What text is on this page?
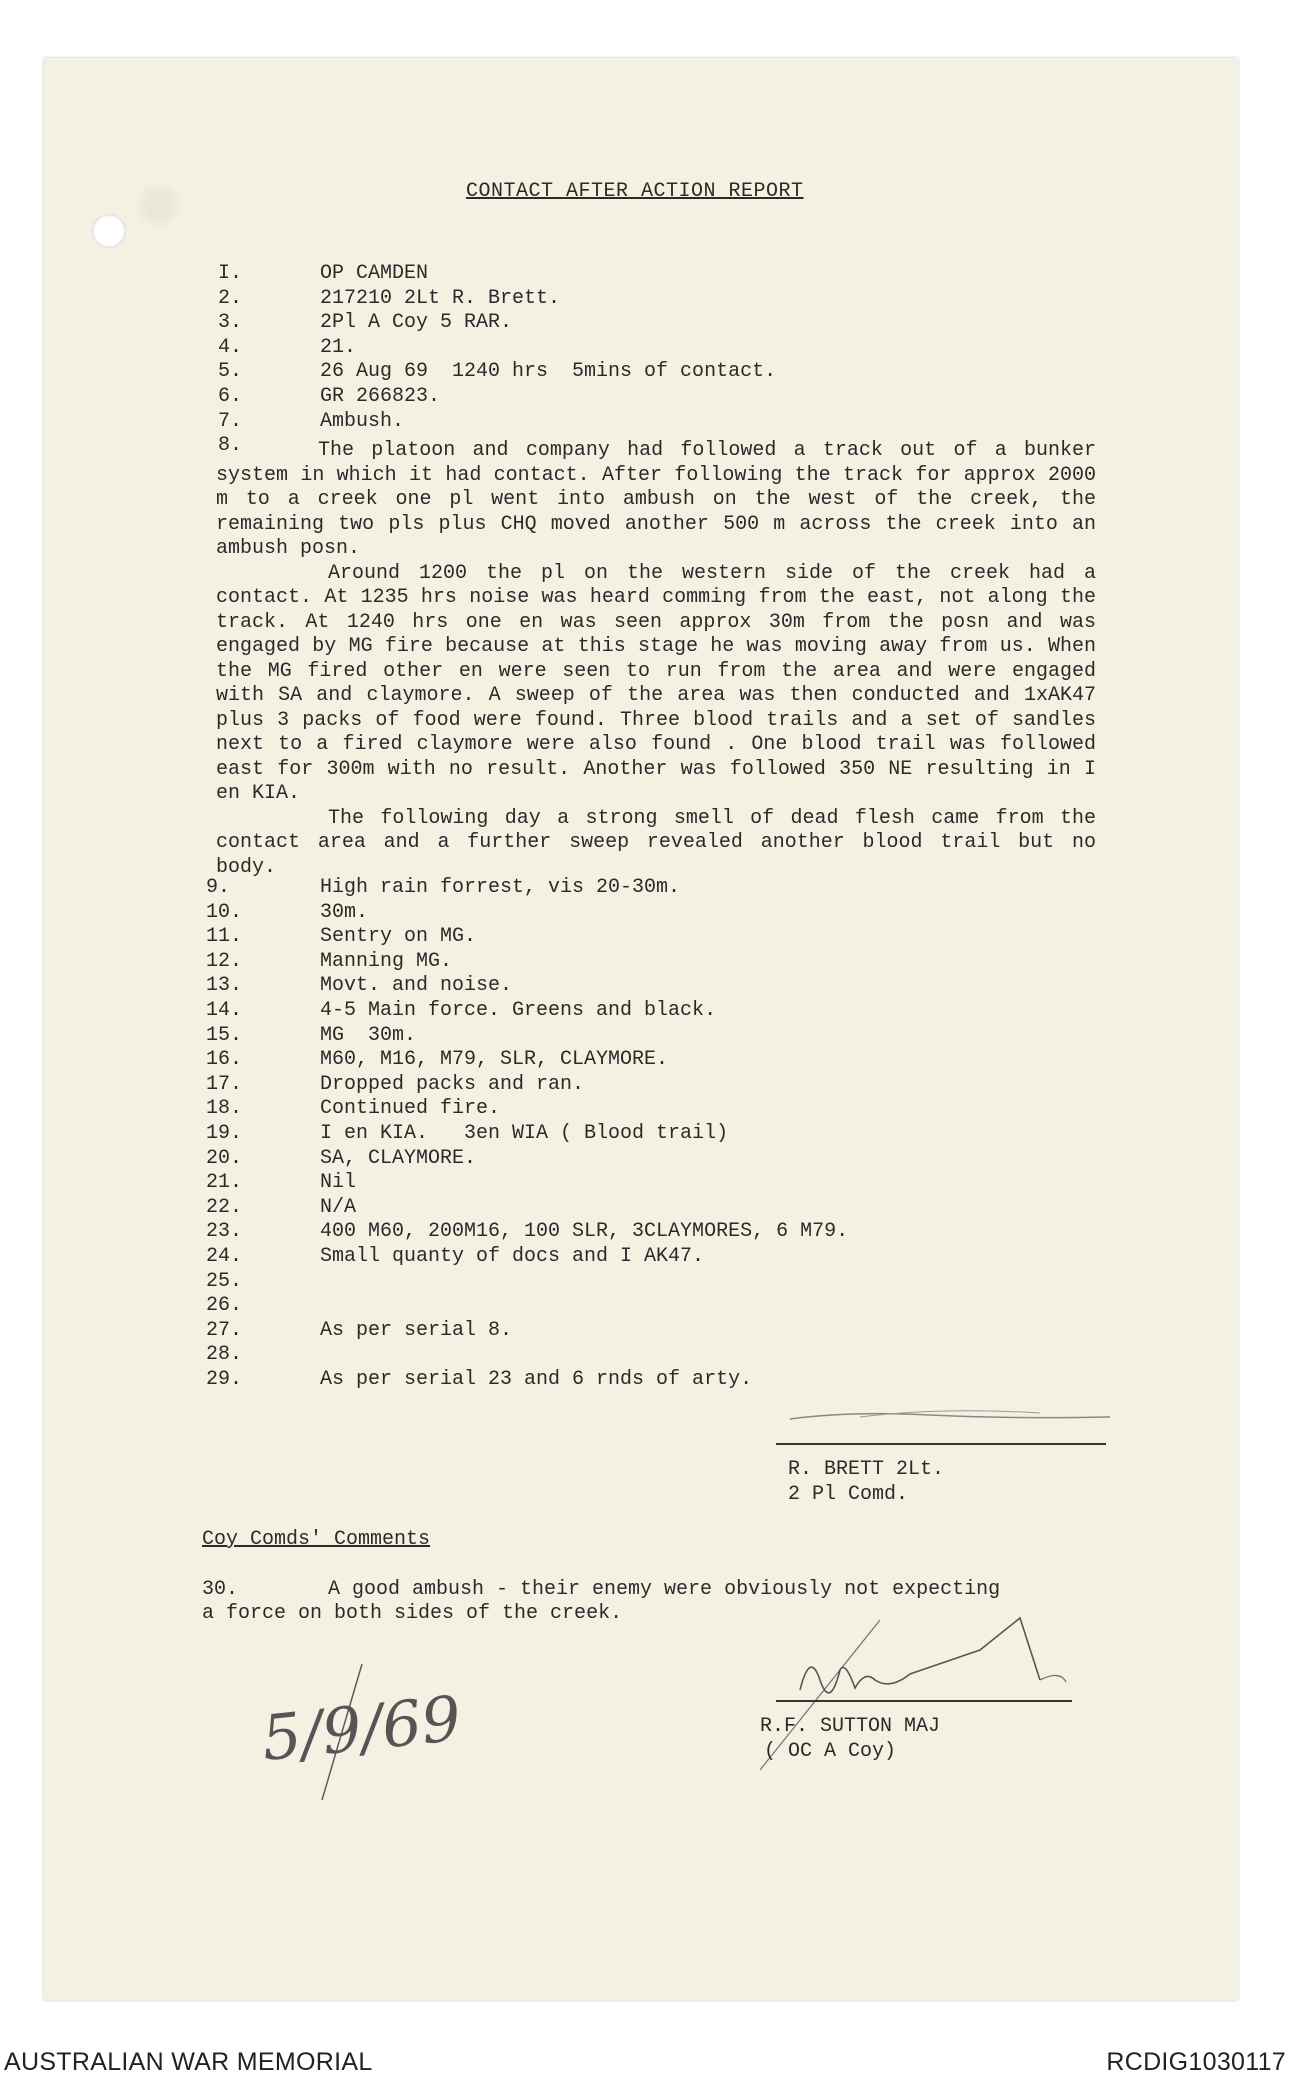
CONTACT AFTER ACTION REPORT
I.	OP CAMDEN
2.	217210 2Lt R. Brett.
3.	2Pl A Coy 5 RAR.
4.	21.
5.	26 Aug 69  1240 hrs  5mins of contact.
6.	GR 266823.
7.	Ambush.
8.	The platoon and company had followed a track out of a bunker system in which it had contact. After following the track for approx 2000 m to a creek one pl went into ambush on the west of the creek, the remaining two pls plus CHQ moved another 500 m across the creek into an ambush posn.

Around 1200 the pl on the western side of the creek had a contact. At 1235 hrs noise was heard comming from the east, not along the track. At 1240 hrs one en was seen approx 30m from the posn and was engaged by MG fire because at this stage he was moving away from us. When the MG fired other en were seen to run from the area and were engaged with SA and claymore. A sweep of the area was then conducted and 1xAK47 plus 3 packs of food were found. Three blood trails and a set of sandles next to a fired claymore were also found . One blood trail was followed east for 300m with no result. Another was followed 350 NE resulting in I en KIA.

The following day a strong smell of dead flesh came from the contact area and a further sweep revealed another blood trail but no body.

9.	High rain forrest, vis 20-30m.
10.	30m.
11.	Sentry on MG.
12.	Manning MG.
13.	Movt. and noise.
14.	4-5 Main force. Greens and black.
15.	MG  30m.
16.	M60, M16, M79, SLR, CLAYMORE.
17.	Dropped packs and ran.
18.	Continued fire.
19.	I en KIA.   3en WIA ( Blood trail)
20.	SA, CLAYMORE.
21.	Nil
22.	N/A
23.	400 M60, 200M16, 100 SLR, 3CLAYMORES, 6 M79.
24.	Small quanty of docs and I AK47.
25.
26.
27.	As per serial 8.
28.
29.	As per serial 23 and 6 rnds of arty.
R. BRETT 2Lt.
2 Pl Comd.
Coy Comds' Comments
30.	A good ambush - their enemy were obviously not expecting
a force on both sides of the creek.
R.F. SUTTON MAJ
( OC A Coy)
5/9/69
AUSTRALIAN WAR MEMORIAL	RCDIG1030117
